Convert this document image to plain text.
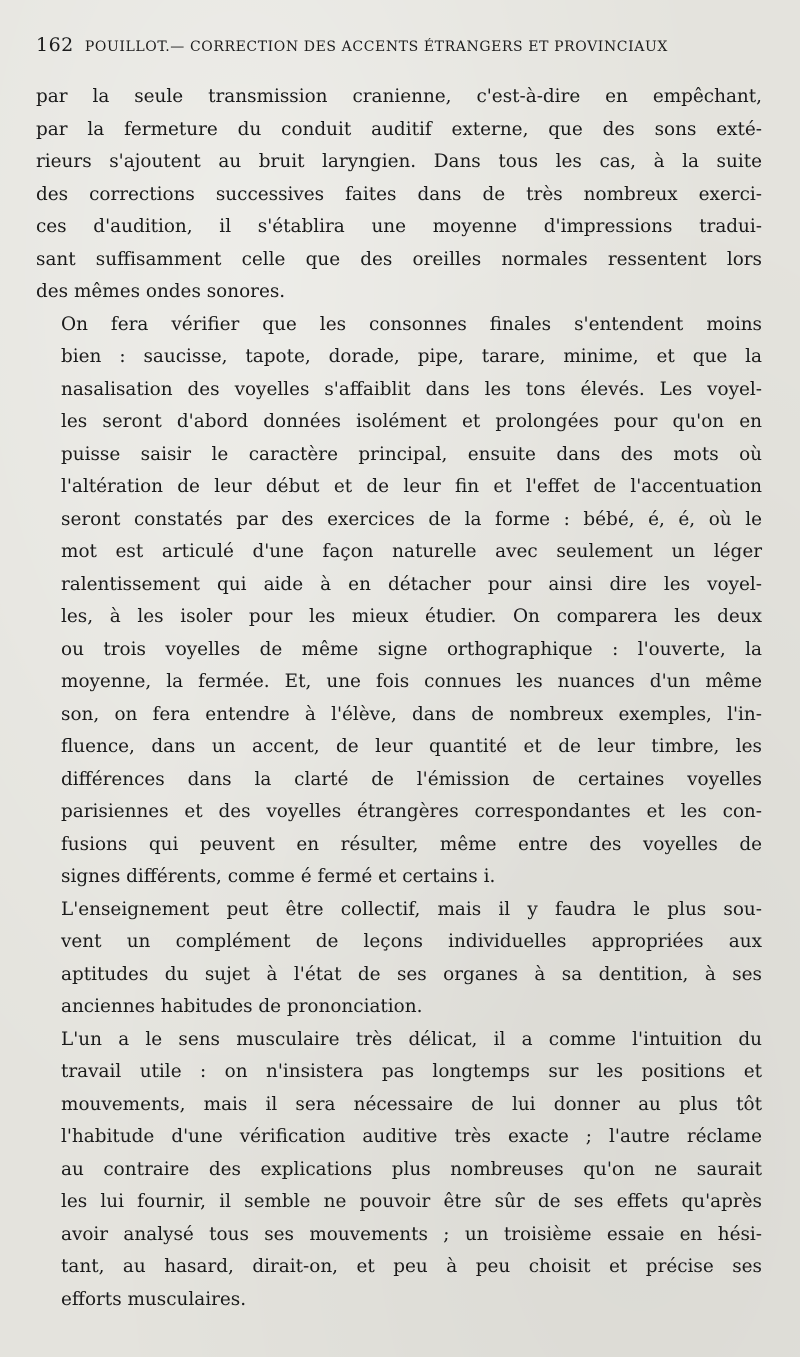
162 POUILLOT.— CORRECTION DES ACCENTS ÉTRANGERS ET PROVINCIAUX

par la seule transmission cranienne, c'est-à-dire en empêchant,
par la fermeture du conduit auditif externe, que des sons exté-
rieurs s'ajoutent au bruit laryngien. Dans tous les cas, à la suite
des corrections successives faites dans de très nombreux exerci-
ces d'audition, il s'établira une moyenne d'impressions tradui-
sant suffisamment celle que des oreilles normales ressentent lors
des mêmes ondes sonores.

On fera vérifier que les consonnes finales s'entendent moins
bien : saucisse, tapote, dorade, pipe, tarare, minime, et que la
nasalisation des voyelles s'affaiblit dans les tons élevés. Les voyel-
les seront d'abord données isolément et prolongées pour qu'on en
puisse saisir le caractère principal, ensuite dans des mots où
l'altération de leur début et de leur fin et l'effet de l'accentuation
seront constatés par des exercices de la forme : bébé, é, é, où le
mot est articulé d'une façon naturelle avec seulement un léger
ralentissement qui aide à en détacher pour ainsi dire les voyel-
les, à les isoler pour les mieux étudier. On comparera les deux
ou trois voyelles de même signe orthographique : l'ouverte, la
moyenne, la fermée. Et, une fois connues les nuances d'un même
son, on fera entendre à l'élève, dans de nombreux exemples, l'in-
fluence, dans un accent, de leur quantité et de leur timbre, les
différences dans la clarté de l'émission de certaines voyelles
parisiennes et des voyelles étrangères correspondantes et les con-
fusions qui peuvent en résulter, même entre des voyelles de
signes différents, comme é fermé et certains i.

L'enseignement peut être collectif, mais il y faudra le plus sou-
vent un complément de leçons individuelles appropriées aux
aptitudes du sujet à l'état de ses organes à sa dentition, à ses
anciennes habitudes de prononciation.

L'un a le sens musculaire très délicat, il a comme l'intuition du
travail utile : on n'insistera pas longtemps sur les positions et
mouvements, mais il sera nécessaire de lui donner au plus tôt
l'habitude d'une vérification auditive très exacte ; l'autre réclame
au contraire des explications plus nombreuses qu'on ne saurait
les lui fournir, il semble ne pouvoir être sûr de ses effets qu'après
avoir analysé tous ses mouvements ; un troisième essaie en hési-
tant, au hasard, dirait-on, et peu à peu choisit et précise ses
efforts musculaires.
